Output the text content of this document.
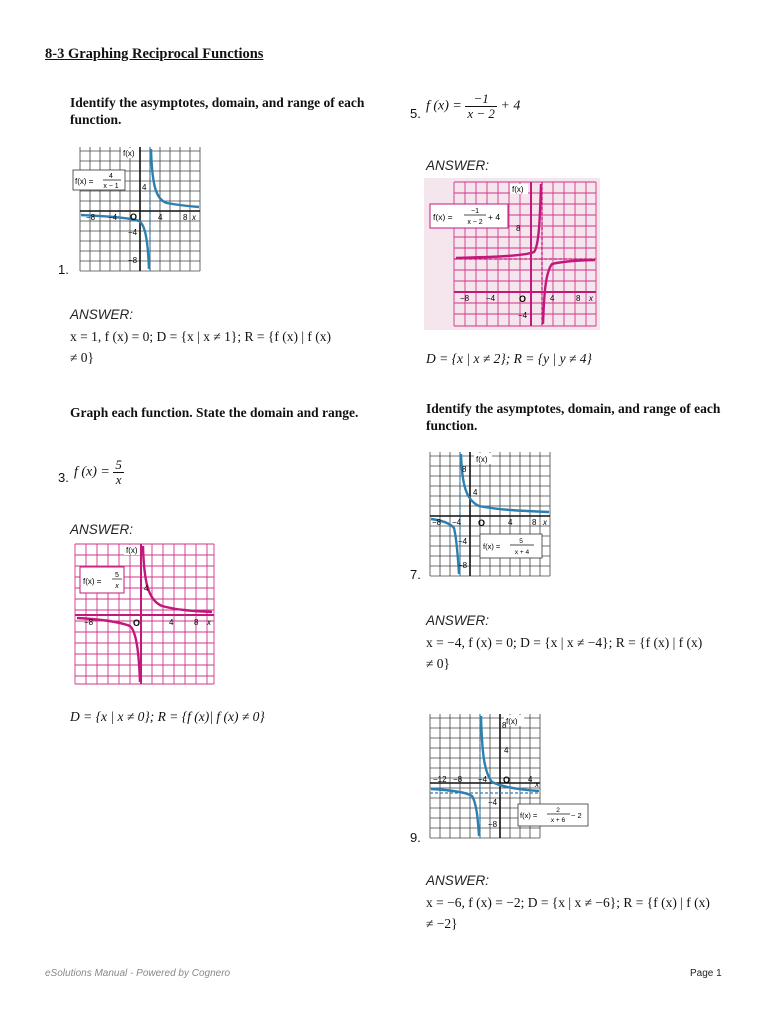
8-3 Graphing Reciprocal Functions
Identify the asymptotes, domain, and range of each function.
f(x) =
4
x − 1
f(x)
x
−8 −4 O	4	8
4
−4
−8
1.
ANSWER:
x = 1, f (x) = 0; D = {x | x ≠ 1}; R = {f (x) | f (x)
≠ 0}
Graph each function. State the domain and range.
3. f $(x) = \frac{5}{x}$
ANSWER:
f(x) =
5
x
f(x)
x
−8	O	4	8
4
D = {x | x ≠ 0}; R = {f (x)| f (x) ≠ 0}
5. f $(x) = \frac{-1}{x - 2} + 4$
ANSWER:
f(x) =
−1
x − 2
+ 4
f(x)
x
8
−8 −4	O	4	8
−4
D = {x | x ≠ 2}; R = {y | y ≠ 4}
Identify the asymptotes, domain, and range of each function.
f(x)
x
8
4
−8 −4 O	4 8
−4
−8
f(x) =
5
x + 4
7.
ANSWER:
x = −4, f (x) = 0; D = {x | x ≠ −4}; R = {f (x) | f (x)
≠ 0}
f(x)
x
8
4
−12 −8 −4 O 4
−4
−8
f(x) =
2
x + 6
− 2
9.
ANSWER:
x = −6, f (x) = −2; D = {x | x ≠ −6}; R = {f (x) | f (x)
≠ −2}
eSolutions Manual - Powered by Cognero	Page 1
